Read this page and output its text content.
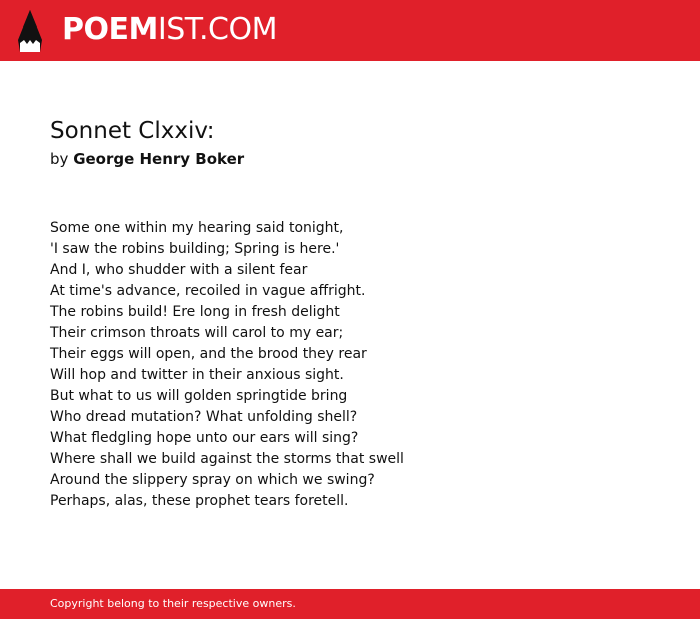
POEMIST.COM
Sonnet Clxxiv:
by George Henry Boker
Some one within my hearing said tonight,
'I saw the robins building; Spring is here.'
And I, who shudder with a silent fear
At time's advance, recoiled in vague affright.
The robins build! Ere long in fresh delight
Their crimson throats will carol to my ear;
Their eggs will open, and the brood they rear
Will hop and twitter in their anxious sight.
But what to us will golden springtide bring
Who dread mutation? What unfolding shell?
What fledgling hope unto our ears will sing?
Where shall we build against the storms that swell
Around the slippery spray on which we swing?
Perhaps, alas, these prophet tears foretell.
Copyright belong to their respective owners.
